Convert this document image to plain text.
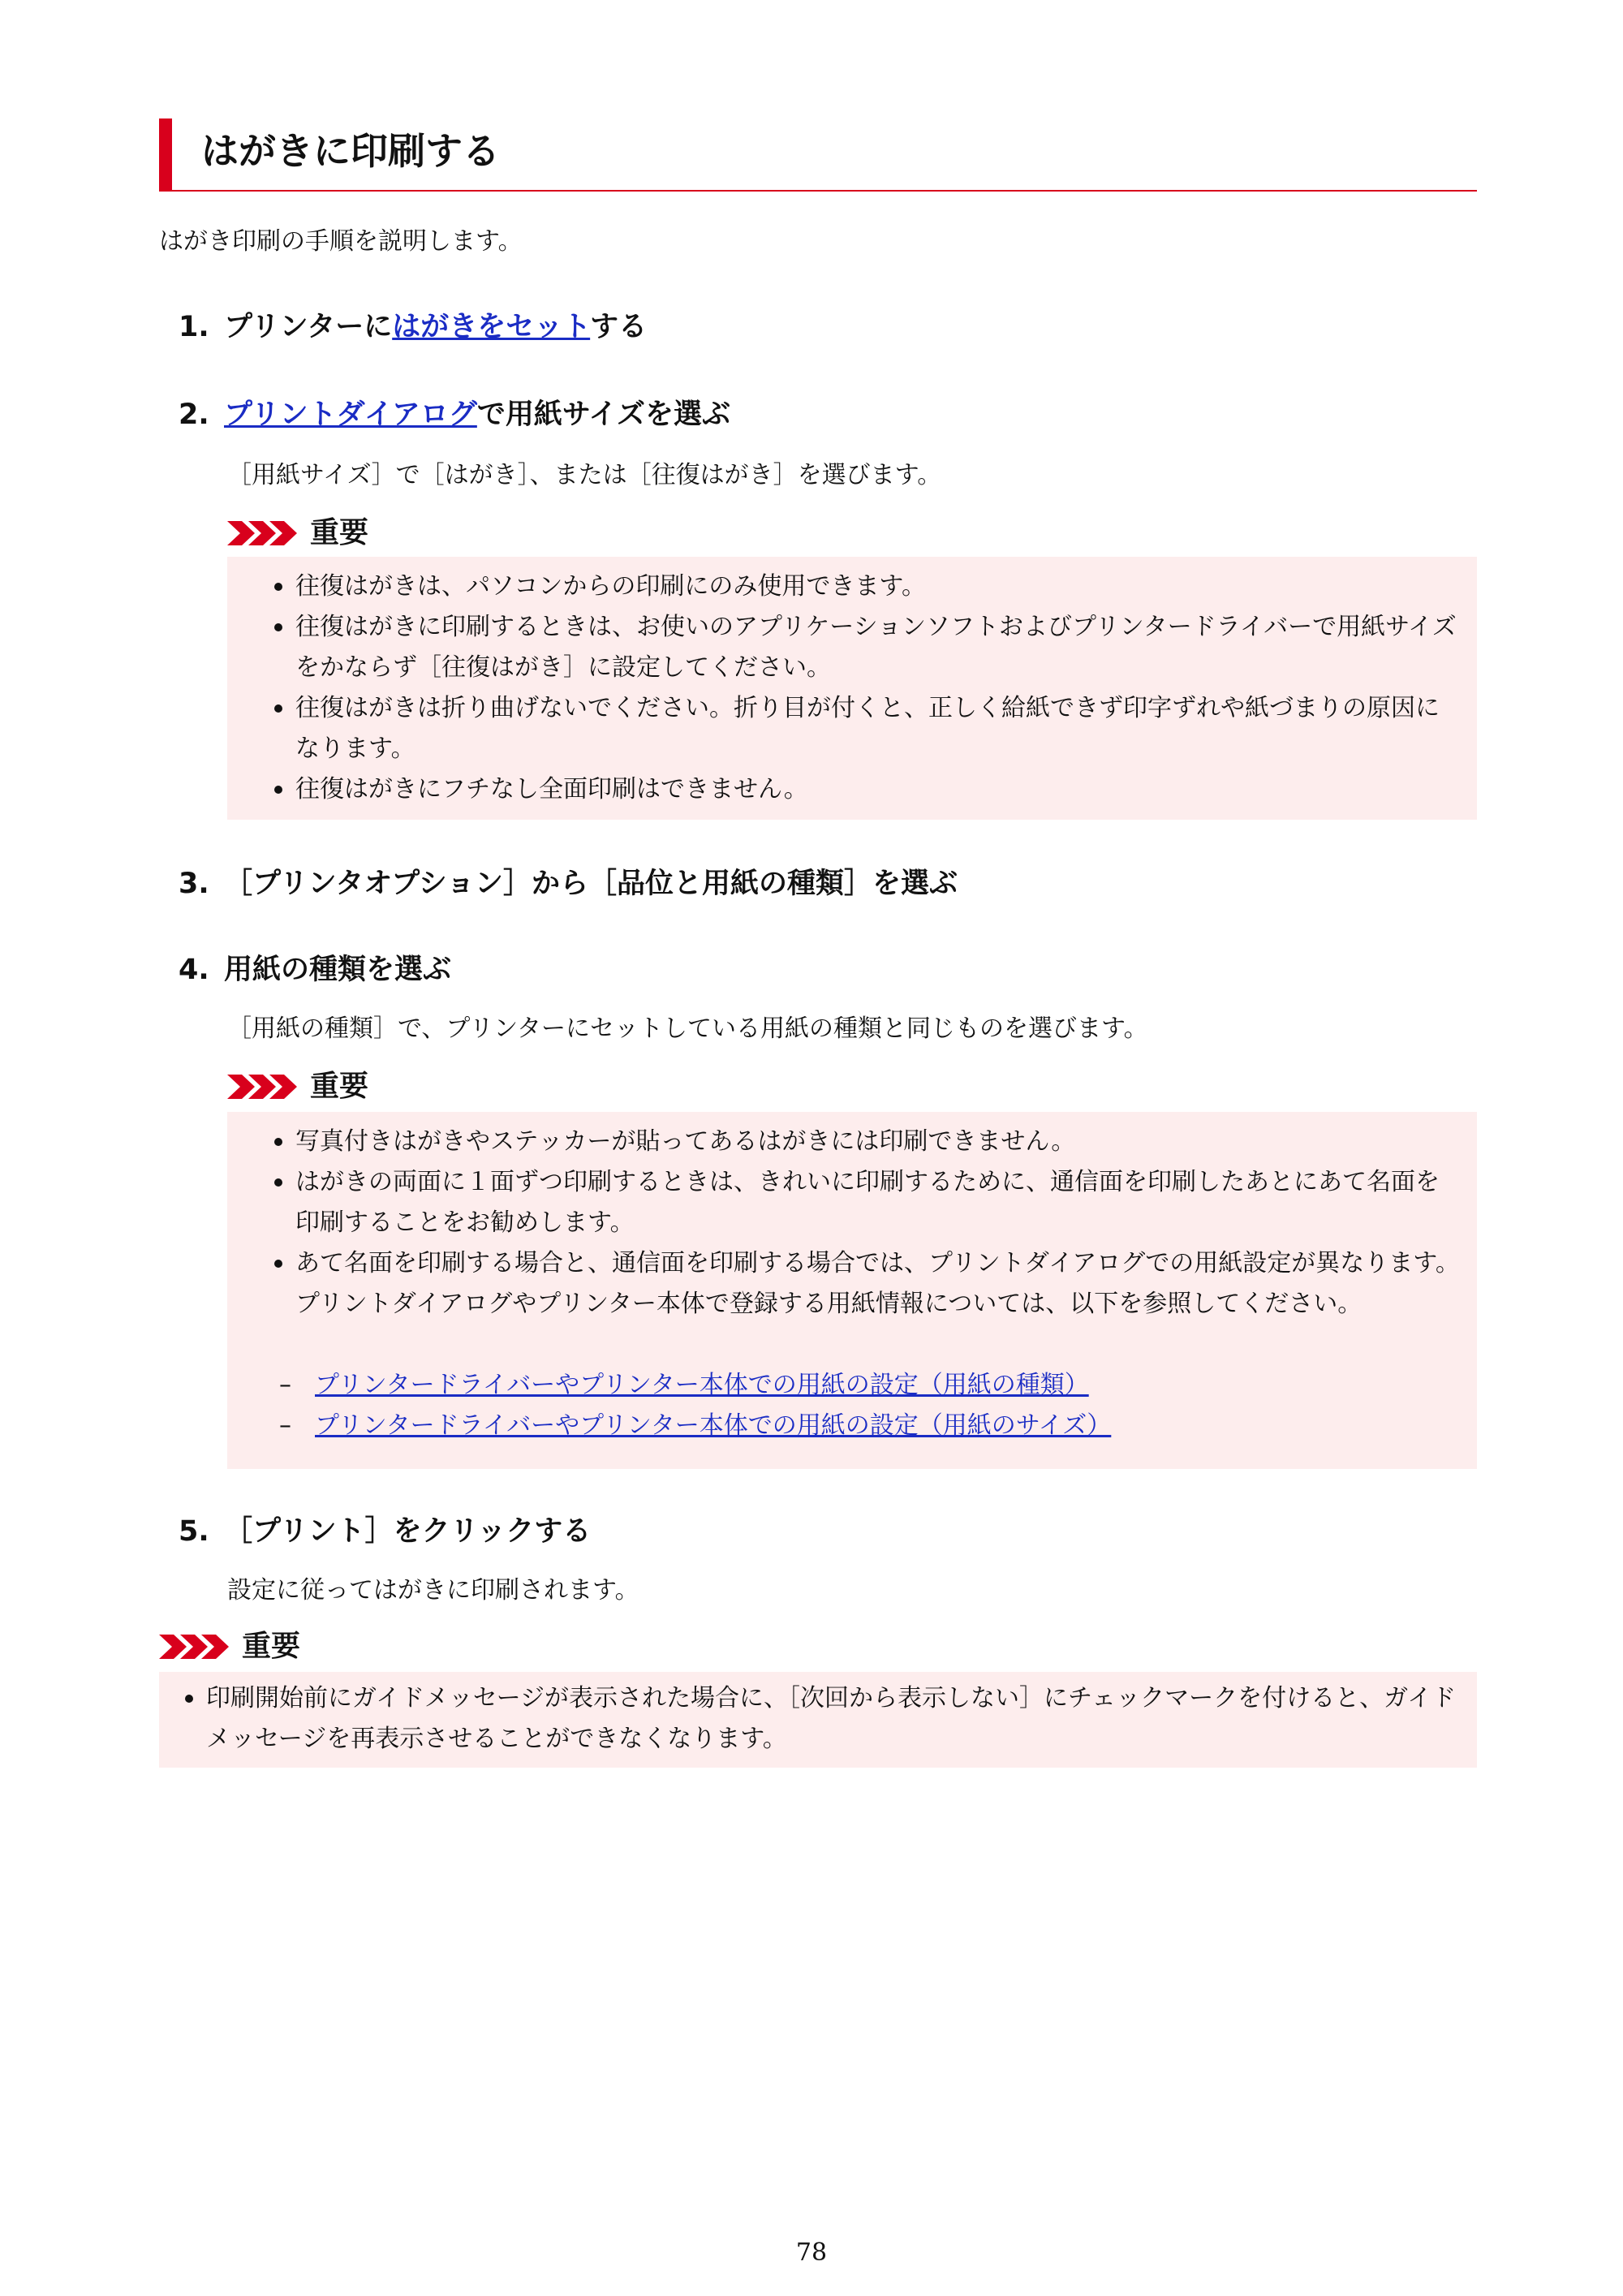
はがきに印刷する
はがき印刷の手順を説明します。
1. プリンターにはがきをセットする
2. プリントダイアログで用紙サイズを選ぶ
［用紙サイズ］で［はがき］、または［往復はがき］を選びます。
重要
往復はがきは、パソコンからの印刷にのみ使用できます。
往復はがきに印刷するときは、お使いのアプリケーションソフトおよびプリンタードライバーで用紙サイズをかならず［往復はがき］に設定してください。
往復はがきは折り曲げないでください。折り目が付くと、正しく給紙できず印字ずれや紙づまりの原因になります。
往復はがきにフチなし全面印刷はできません。
3. ［プリンタオプション］から［品位と用紙の種類］を選ぶ
4. 用紙の種類を選ぶ
［用紙の種類］で、プリンターにセットしている用紙の種類と同じものを選びます。
重要
写真付きはがきやステッカーが貼ってあるはがきには印刷できません。
はがきの両面に１面ずつ印刷するときは、きれいに印刷するために、通信面を印刷したあとにあて名面を印刷することをお勧めします。
あて名面を印刷する場合と、通信面を印刷する場合では、プリントダイアログでの用紙設定が異なります。プリントダイアログやプリンター本体で登録する用紙情報については、以下を参照してください。
– プリンタードライバーやプリンター本体での用紙の設定（用紙の種類）
– プリンタードライバーやプリンター本体での用紙の設定（用紙のサイズ）
5. ［プリント］をクリックする
設定に従ってはがきに印刷されます。
重要
印刷開始前にガイドメッセージが表示された場合に、［次回から表示しない］にチェックマークを付けると、ガイドメッセージを再表示させることができなくなります。
78
